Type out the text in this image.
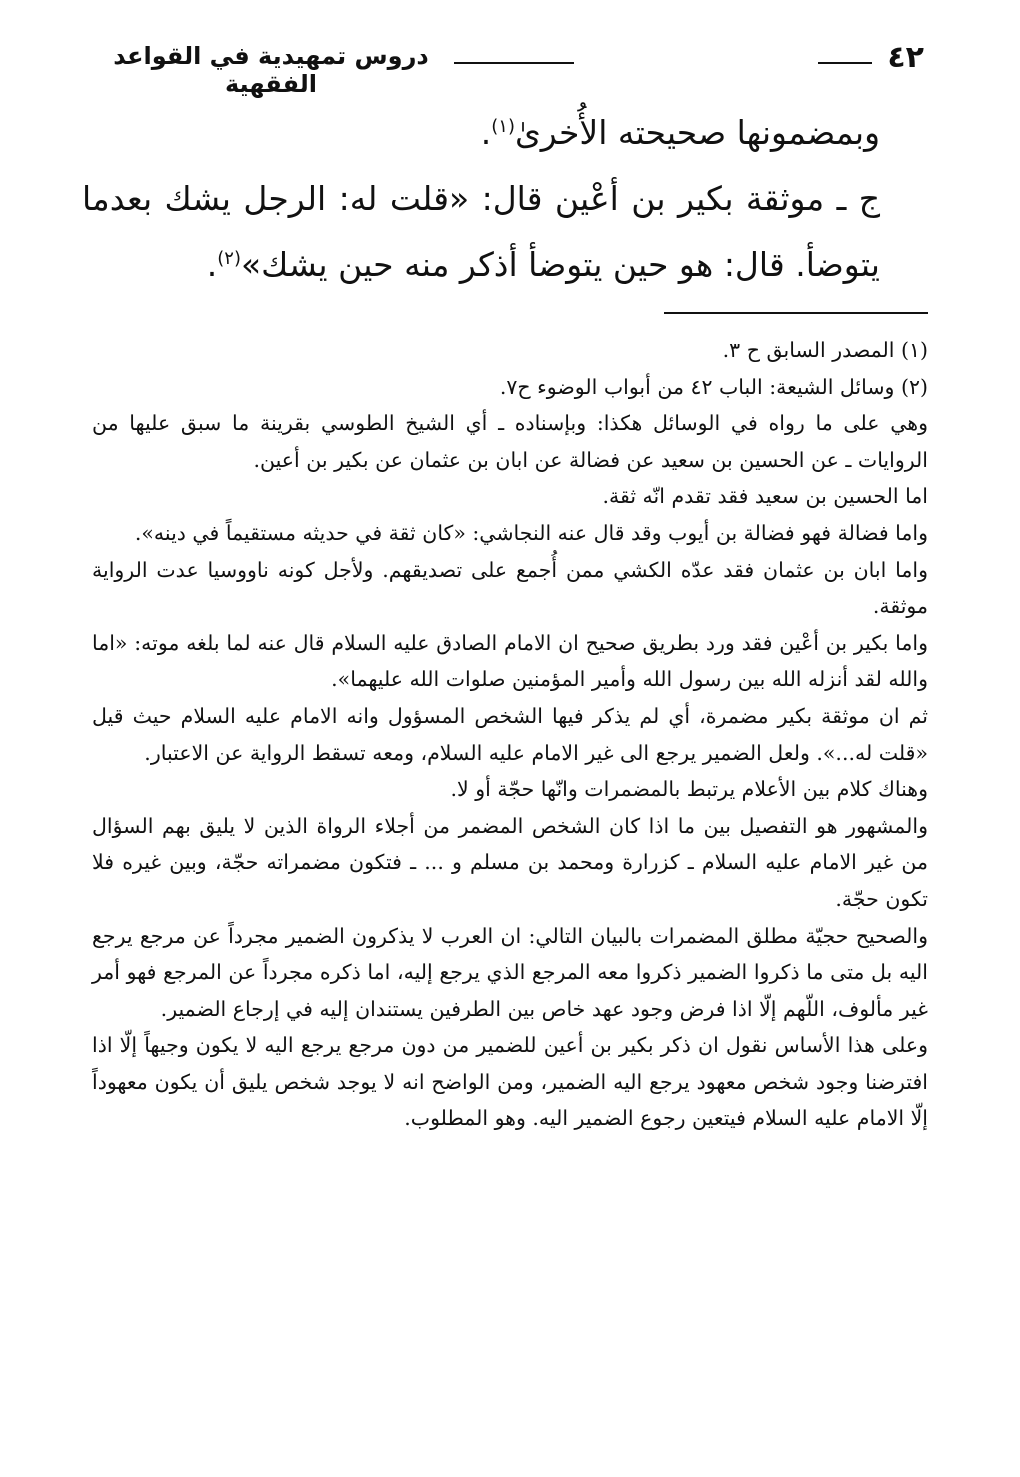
٤٢
دروس تمهيدية في القواعد الفقهية

وبمضمونها صحيحته الأُخرىٰ$^{(١)}$.

ج ـ موثقة بكير بن أعْين قال: «قلت له: الرجل يشك بعدما يتوضأ. قال: هو حين يتوضأ أذكر منه حين يشك»$^{(٢)}$.

(١) المصدر السابق ح ٣.

(٢) وسائل الشيعة: الباب ٤٢ من أبواب الوضوء ح٧.

وهي على ما رواه في الوسائل هكذا: وبإسناده ـ أي الشيخ الطوسي بقرينة ما سبق عليها من الروايات ـ عن الحسين بن سعيد عن فضالة عن ابان بن عثمان عن بكير بن أعين.

اما الحسين بن سعيد فقد تقدم انّه ثقة.

واما فضالة فهو فضالة بن أيوب وقد قال عنه النجاشي: «كان ثقة في حديثه مستقيماً في دينه».

واما ابان بن عثمان فقد عدّه الكشي ممن أُجمع على تصديقهم. ولأجل كونه ناووسيا عدت الرواية موثقة.

واما بكير بن أعْين فقد ورد بطريق صحيح ان الامام الصادق عليه السلام قال عنه لما بلغه موته: «اما والله لقد أنزله الله بين رسول الله وأمير المؤمنين صلوات الله عليهما».

ثم ان موثقة بكير مضمرة، أي لم يذكر فيها الشخص المسؤول وانه الامام عليه السلام حيث قيل «قلت له...». ولعل الضمير يرجع الى غير الامام عليه السلام، ومعه تسقط الرواية عن الاعتبار.

وهناك كلام بين الأعلام يرتبط بالمضمرات وانّها حجّة أو لا.

والمشهور هو التفصيل بين ما اذا كان الشخص المضمر من أجلاء الرواة الذين لا يليق بهم السؤال من غير الامام عليه السلام ـ كزرارة ومحمد بن مسلم و ... ـ فتكون مضمراته حجّة، وبين غيره فلا تكون حجّة.

والصحيح حجيّة مطلق المضمرات بالبيان التالي: ان العرب لا يذكرون الضمير مجرداً عن مرجع يرجع اليه بل متى ما ذكروا الضمير ذكروا معه المرجع الذي يرجع إليه، اما ذكره مجرداً عن المرجع فهو أمر غير مألوف، اللّهم إلّا اذا فرض وجود عهد خاص بين الطرفين يستندان إليه في إرجاع الضمير.

وعلى هذا الأساس نقول ان ذكر بكير بن أعين للضمير من دون مرجع يرجع اليه لا يكون وجيهاً إلّا اذا افترضنا وجود شخص معهود يرجع اليه الضمير، ومن الواضح انه لا يوجد شخص يليق أن يكون معهوداً إلّا الامام عليه السلام فيتعين رجوع الضمير اليه. وهو المطلوب.
